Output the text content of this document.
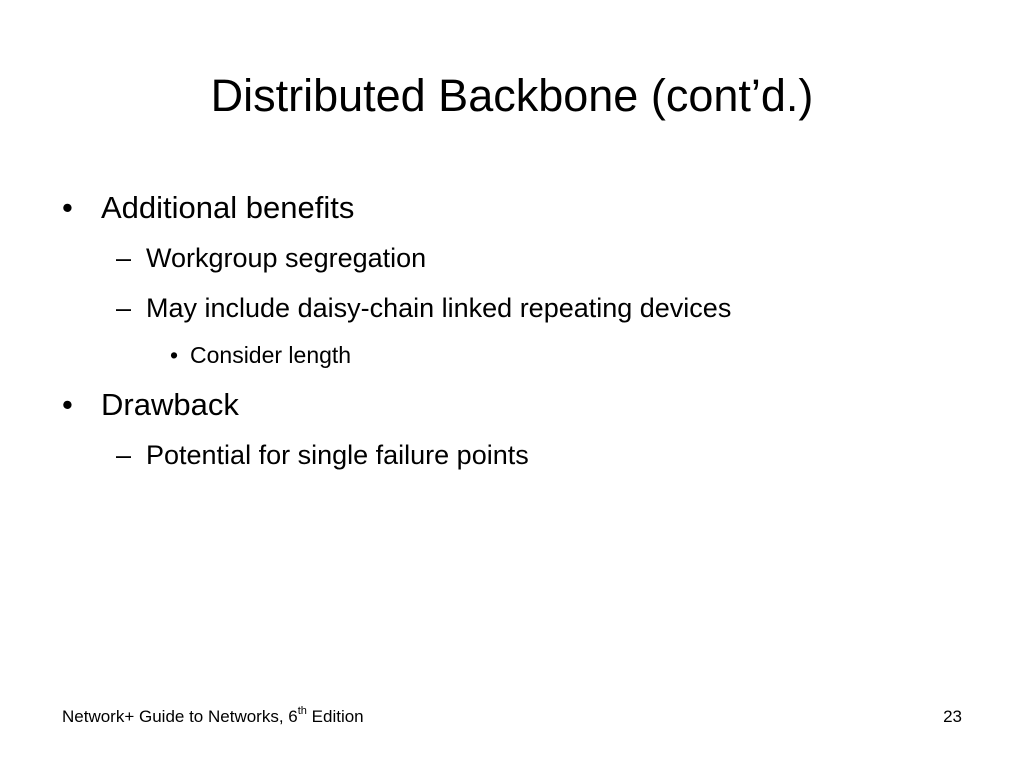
Distributed Backbone (cont’d.)
• Additional benefits
– Workgroup segregation
– May include daisy-chain linked repeating devices
• Consider length
• Drawback
– Potential for single failure points
Network+ Guide to Networks, 6th Edition	23
